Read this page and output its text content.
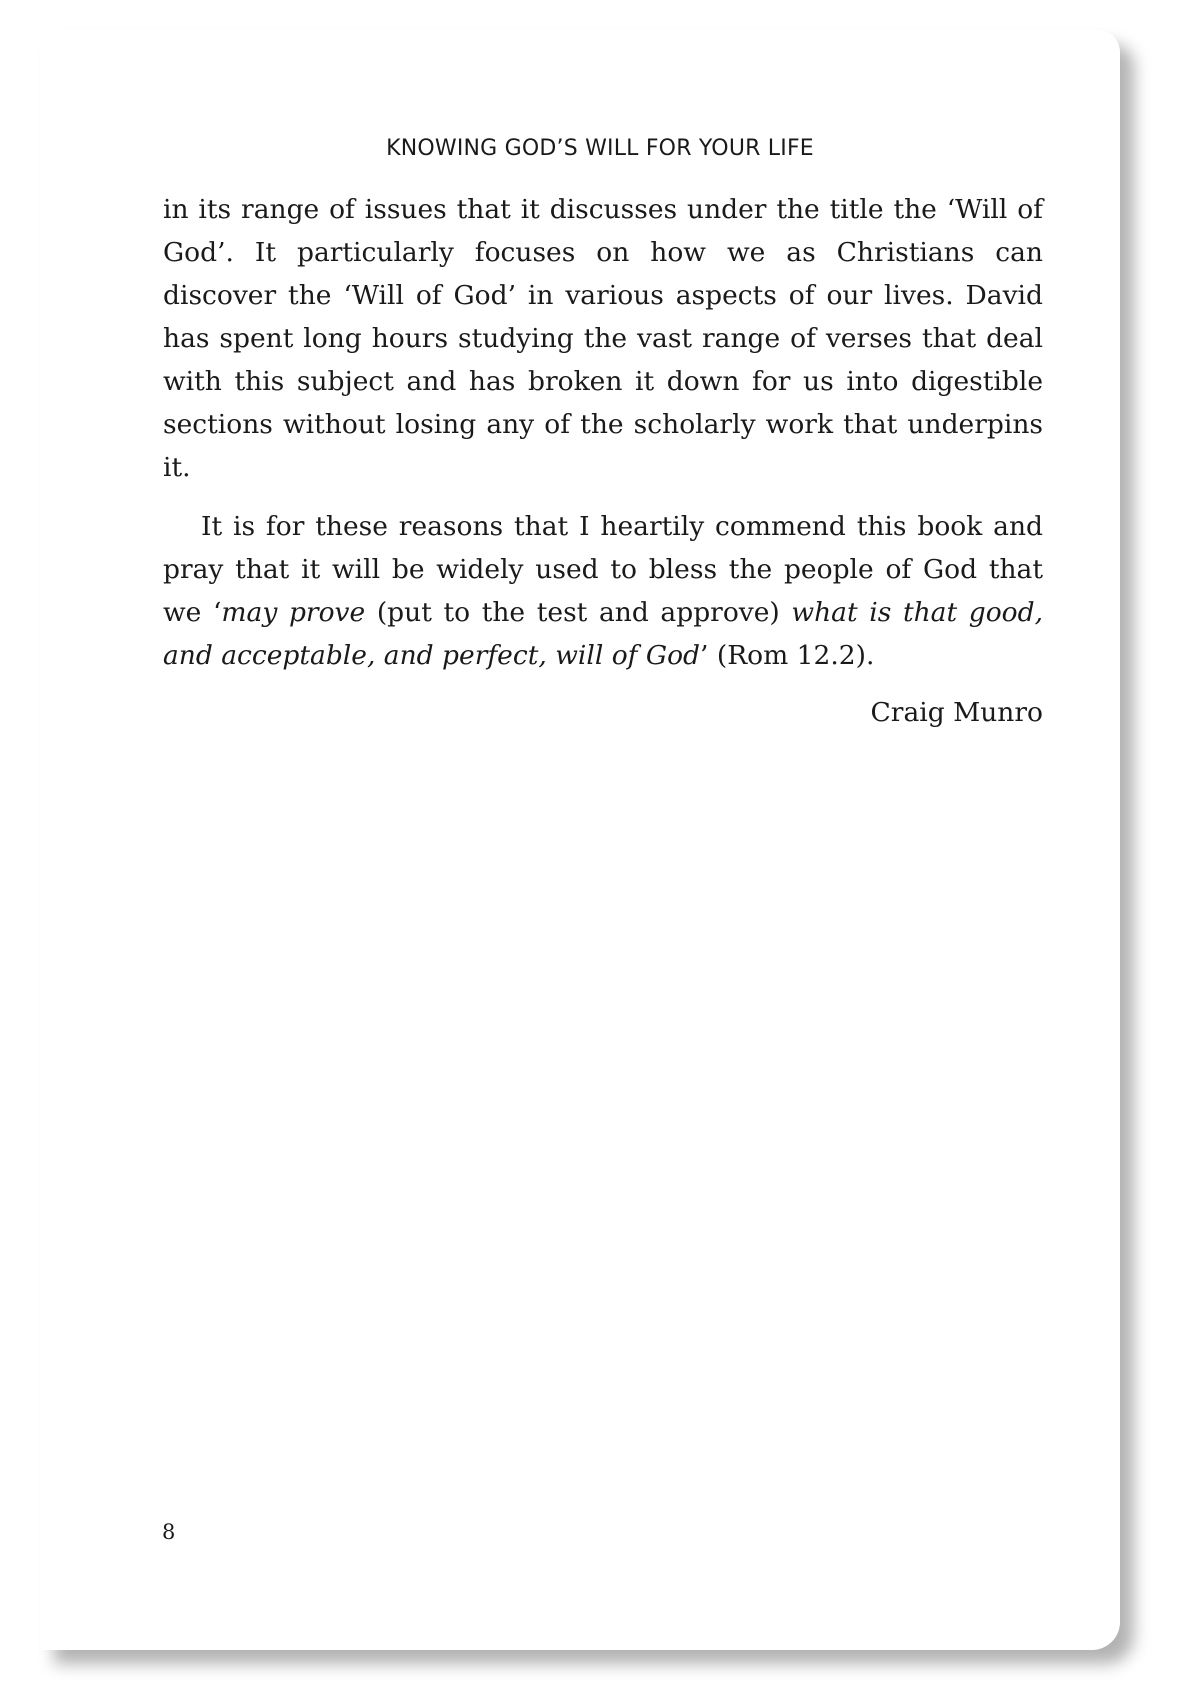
KNOWING GOD’S WILL FOR YOUR LIFE

in its range of issues that it discusses under the title the ‘Will of God’. It particularly focuses on how we as Christians can discover the ‘Will of God’ in various aspects of our lives. David has spent long hours studying the vast range of verses that deal with this subject and has broken it down for us into digestible sections without losing any of the scholarly work that underpins it.

It is for these reasons that I heartily commend this book and pray that it will be widely used to bless the people of God that we ‘may prove (put to the test and approve) what is that good, and acceptable, and perfect, will of God’ (Rom 12.2).

Craig Munro
8
